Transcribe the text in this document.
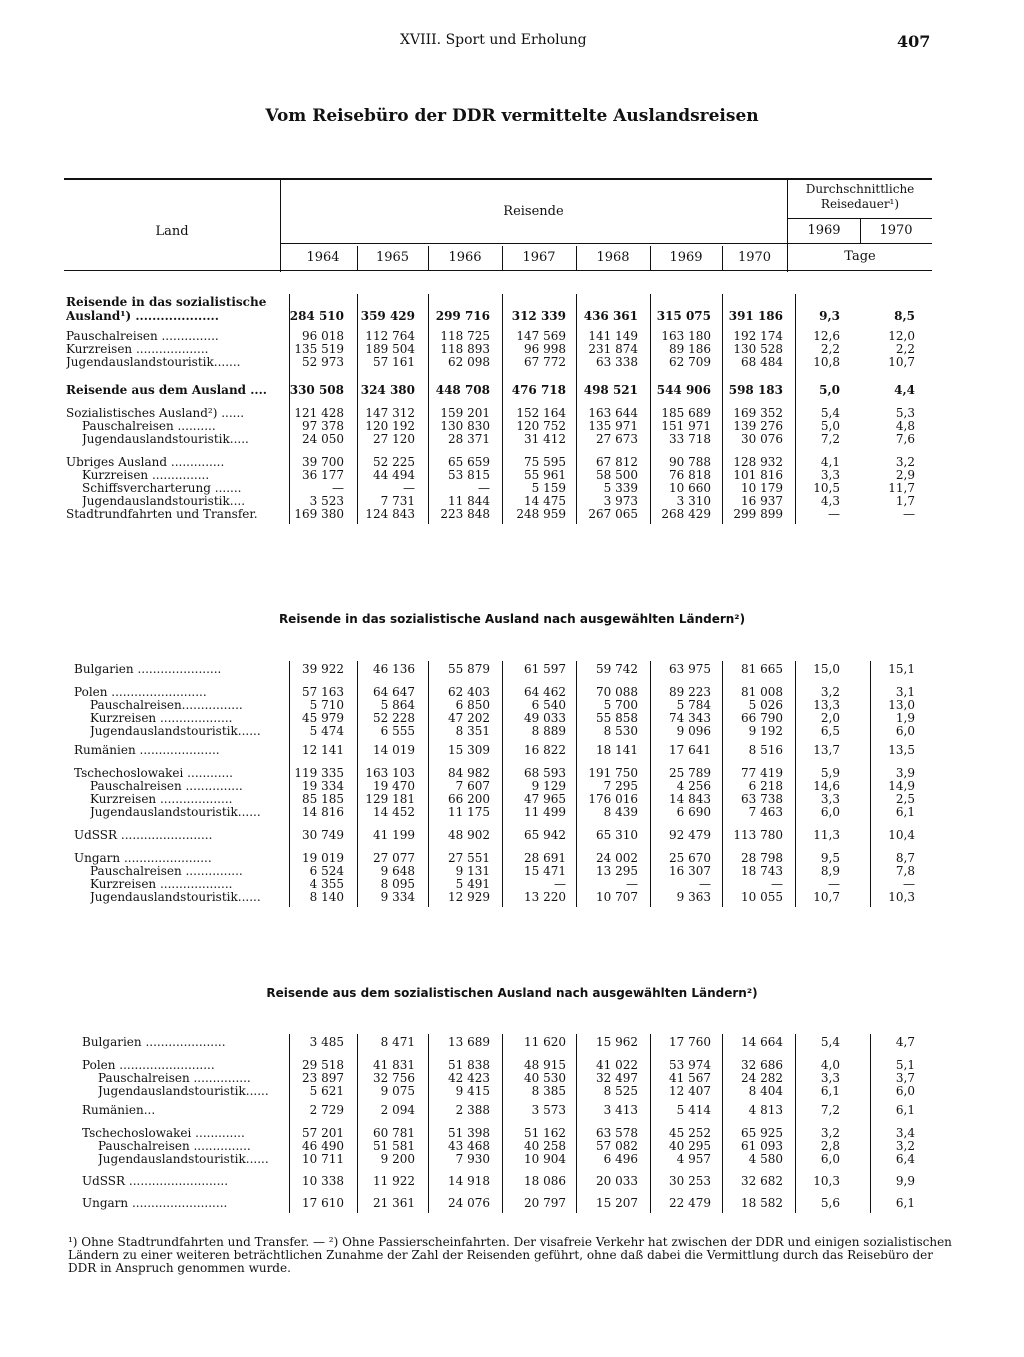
XVIII. Sport und Erholung	407
Vom Reisebüro der DDR vermittelte Auslandsreisen
Land
Reisende
Durchschnittliche Reisedauer¹)
1969	1970
Tage
1964	1965	1966	1967	1968	1969	1970
Reisende in das sozialistische
Ausland¹) ....................	284 510	359 429	299 716	312 339	436 361	315 075	391 186	9,3	8,5
Pauschalreisen ...............	96 018	112 764	118 725	147 569	141 149	163 180	192 174	12,6	12,0
Kurzreisen ...................	135 519	189 504	118 893	96 998	231 874	89 186	130 528	2,2	2,2
Jugendauslandstouristik.......	52 973	57 161	62 098	67 772	63 338	62 709	68 484	10,8	10,7
Reisende aus dem Ausland ....	330 508	324 380	448 708	476 718	498 521	544 906	598 183	5,0	4,4
Sozialistisches Ausland²) ......	121 428	147 312	159 201	152 164	163 644	185 689	169 352	5,4	5,3
Pauschalreisen ..........	97 378	120 192	130 830	120 752	135 971	151 971	139 276	5,0	4,8
Jugendauslandstouristik.....	24 050	27 120	28 371	31 412	27 673	33 718	30 076	7,2	7,6
Übriges Ausland ..............	39 700	52 225	65 659	75 595	67 812	90 788	128 932	4,1	3,2
Kurzreisen ...............	36 177	44 494	53 815	55 961	58 500	76 818	101 816	3,3	2,9
Schiffsvercharterung .......	—	—	—	5 159	5 339	10 660	10 179	10,5	11,7
Jugendauslandstouristik....	3 523	7 731	11 844	14 475	3 973	3 310	16 937	4,3	1,7
Stadtrundfahrten und Transfer.	169 380	124 843	223 848	248 959	267 065	268 429	299 899	—	—
Reisende in das sozialistische Ausland nach ausgewählten Ländern²)
Bulgarien ......................	39 922	46 136	55 879	61 597	59 742	63 975	81 665	15,0	15,1
Polen .........................	57 163	64 647	62 403	64 462	70 088	89 223	81 008	3,2	3,1
Pauschalreisen................	5 710	5 864	6 850	6 540	5 700	5 784	5 026	13,3	13,0
Kurzreisen ...................	45 979	52 228	47 202	49 033	55 858	74 343	66 790	2,0	1,9
Jugendauslandstouristik......	5 474	6 555	8 351	8 889	8 530	9 096	9 192	6,5	6,0
Rumänien .....................	12 141	14 019	15 309	16 822	18 141	17 641	8 516	13,7	13,5
Tschechoslowakei ............	119 335	163 103	84 982	68 593	191 750	25 789	77 419	5,9	3,9
Pauschalreisen ...............	19 334	19 470	7 607	9 129	7 295	4 256	6 218	14,6	14,9
Kurzreisen ...................	85 185	129 181	66 200	47 965	176 016	14 843	63 738	3,3	2,5
Jugendauslandstouristik......	14 816	14 452	11 175	11 499	8 439	6 690	7 463	6,0	6,1
UdSSR ........................	30 749	41 199	48 902	65 942	65 310	92 479	113 780	11,3	10,4
Ungarn .......................	19 019	27 077	27 551	28 691	24 002	25 670	28 798	9,5	8,7
Pauschalreisen ...............	6 524	9 648	9 131	15 471	13 295	16 307	18 743	8,9	7,8
Kurzreisen ...................	4 355	8 095	5 491	—	—	—	—	—	—
Jugendauslandstouristik......	8 140	9 334	12 929	13 220	10 707	9 363	10 055	10,7	10,3
Reisende aus dem sozialistischen Ausland nach ausgewählten Ländern²)
Bulgarien .....................	3 485	8 471	13 689	11 620	15 962	17 760	14 664	5,4	4,7
Polen .........................	29 518	41 831	51 838	48 915	41 022	53 974	32 686	4,0	5,1
Pauschalreisen ...............	23 897	32 756	42 423	40 530	32 497	41 567	24 282	3,3	3,7
Jugendauslandstouristik......	5 621	9 075	9 415	8 385	8 525	12 407	8 404	6,1	6,0
Rumänien...	2 729	2 094	2 388	3 573	3 413	5 414	4 813	7,2	6,1
Tschechoslowakei .............	57 201	60 781	51 398	51 162	63 578	45 252	65 925	3,2	3,4
Pauschalreisen ...............	46 490	51 581	43 468	40 258	57 082	40 295	61 093	2,8	3,2
Jugendauslandstouristik......	10 711	9 200	7 930	10 904	6 496	4 957	4 580	6,0	6,4
UdSSR ..........................	10 338	11 922	14 918	18 086	20 033	30 253	32 682	10,3	9,9
Ungarn .........................	17 610	21 361	24 076	20 797	15 207	22 479	18 582	5,6	6,1
¹) Ohne Stadtrundfahrten und Transfer. — ²) Ohne Passierscheinfahrten. Der visafreie Verkehr hat zwischen der DDR und einigen sozialistischen Ländern zu einer weiteren beträchtlichen Zunahme der Zahl der Reisenden geführt, ohne daß dabei die Vermittlung durch das Reisebüro der DDR in Anspruch genommen wurde.
